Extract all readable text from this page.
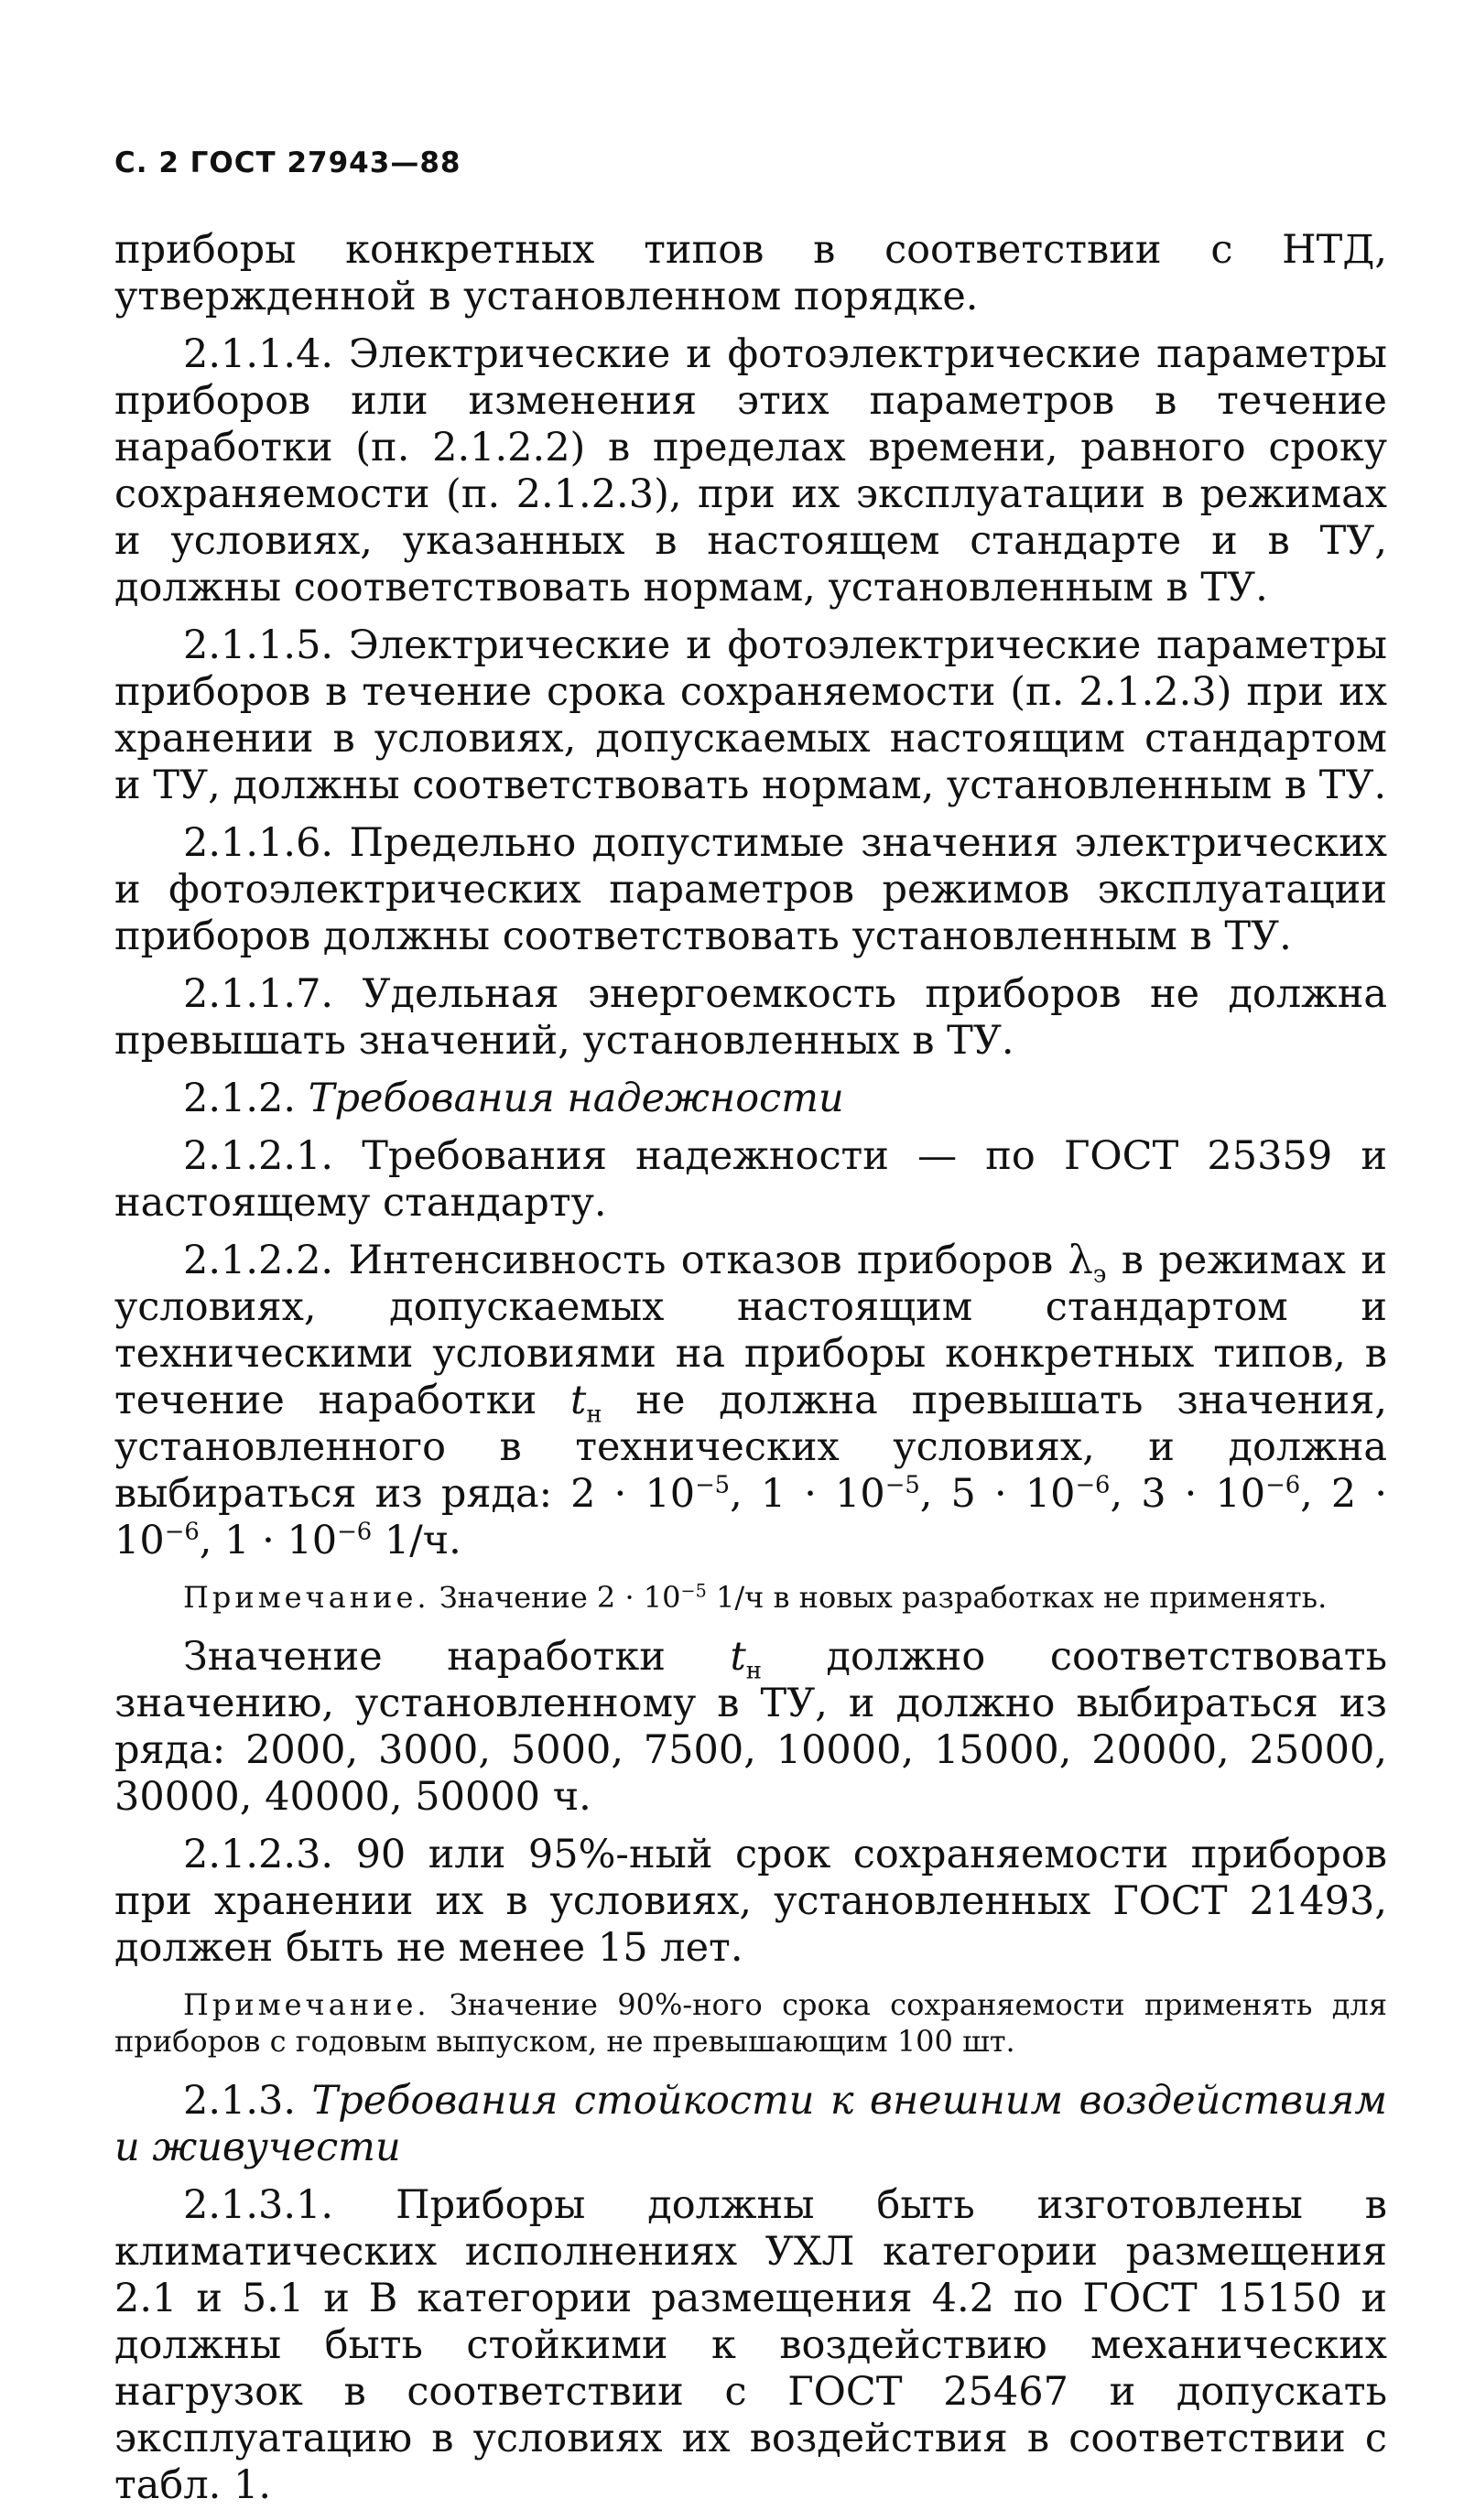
С. 2 ГОСТ 27943—88

приборы конкретных типов в соответствии с НТД, утвержденной в установленном порядке.

2.1.1.4. Электрические и фотоэлектрические параметры приборов или изменения этих параметров в течение наработки (п. 2.1.2.2) в пределах времени, равного сроку сохраняемости (п. 2.1.2.3), при их эксплуатации в режимах и условиях, указанных в настоящем стандарте и в ТУ, должны соответствовать нормам, установленным в ТУ.

2.1.1.5. Электрические и фотоэлектрические параметры приборов в течение срока сохраняемости (п. 2.1.2.3) при их хранении в условиях, допускаемых настоящим стандартом и ТУ, должны соответствовать нормам, установленным в ТУ.

2.1.1.6. Предельно допустимые значения электрических и фотоэлектрических параметров режимов эксплуатации приборов должны соответствовать установленным в ТУ.

2.1.1.7. Удельная энергоемкость приборов не должна превышать значений, установленных в ТУ.

2.1.2. Требования надежности

2.1.2.1. Требования надежности — по ГОСТ 25359 и настоящему стандарту.

2.1.2.2. Интенсивность отказов приборов $\lambda_э$ в режимах и условиях, допускаемых настоящим стандартом и техническими условиями на приборы конкретных типов, в течение наработки $t_н$ не должна превышать значения, установленного в технических условиях, и должна выбираться из ряда: $2 \cdot 10^{-5}$, $1 \cdot 10^{-5}$, $5 \cdot 10^{-6}$, $3 \cdot 10^{-6}$, $2 \cdot 10^{-6}$, $1 \cdot 10^{-6}$ 1/ч.

Примечание. Значение $2 \cdot 10^{-5}$ 1/ч в новых разработках не применять.

Значение наработки $t_н$ должно соответствовать значению, установленному в ТУ, и должно выбираться из ряда: 2000, 3000, 5000, 7500, 10000, 15000, 20000, 25000, 30000, 40000, 50000 ч.

2.1.2.3. 90 или 95%-ный срок сохраняемости приборов при хранении их в условиях, установленных ГОСТ 21493, должен быть не менее 15 лет.

Примечание. Значение 90%-ного срока сохраняемости применять для приборов с годовым выпуском, не превышающим 100 шт.

2.1.3. Требования стойкости к внешним воздействиям и живучести

2.1.3.1. Приборы должны быть изготовлены в климатических исполнениях УХЛ категории размещения 2.1 и 5.1 и В категории размещения 4.2 по ГОСТ 15150 и должны быть стойкими к воздействию механических нагрузок в соответствии с ГОСТ 25467 и допускать эксплуатацию в условиях их воздействия в соответствии с табл. 1.
